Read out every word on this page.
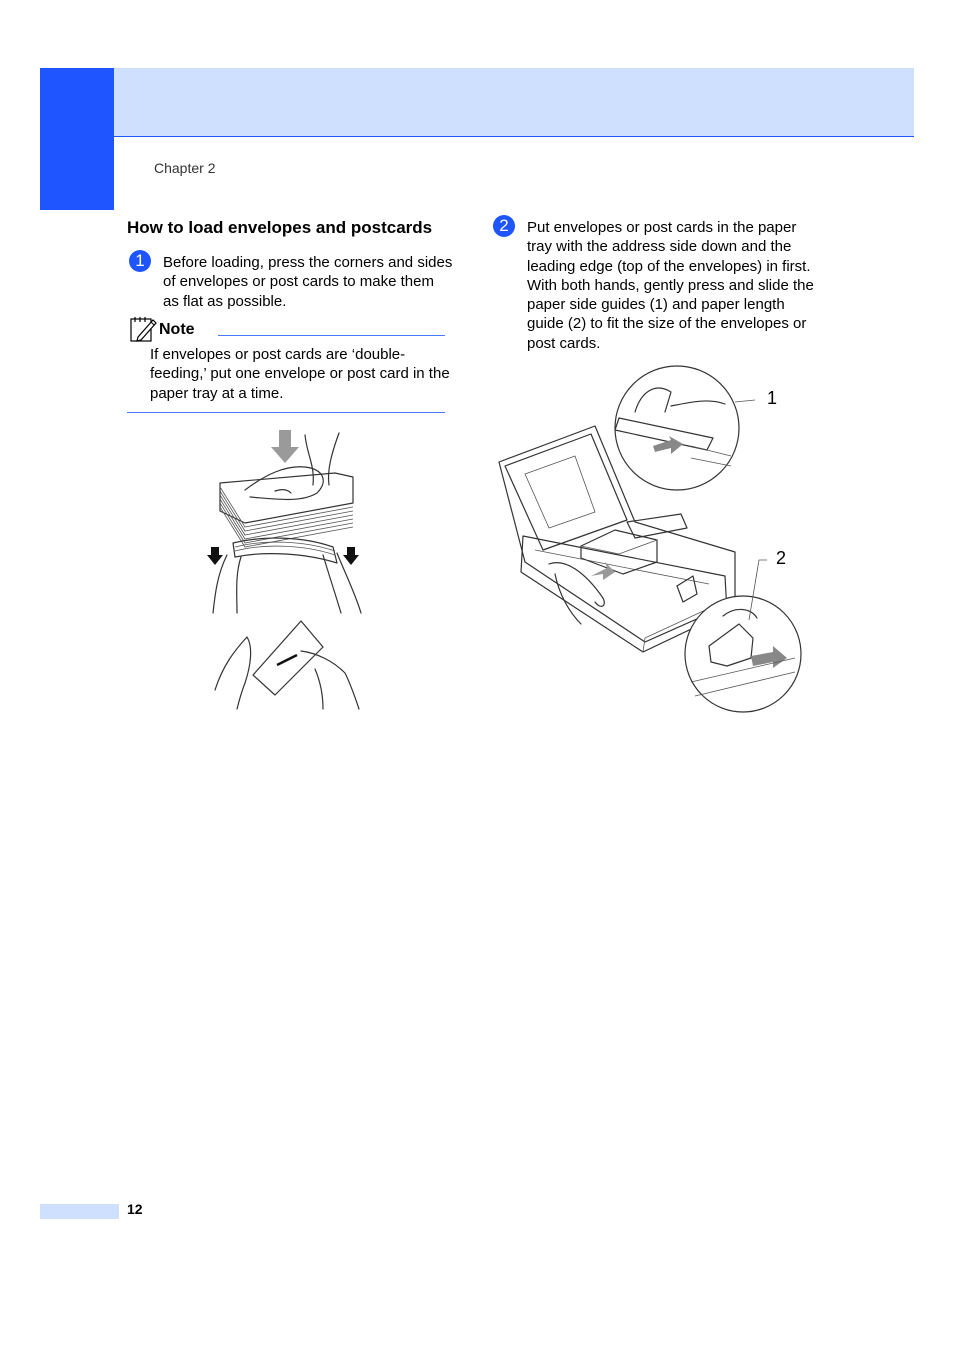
Chapter 2
How to load envelopes and postcards
1	Before loading, press the corners and sides of envelopes or post cards to make them as flat as possible.
Note
If envelopes or post cards are ‘double-feeding,’ put one envelope or post card in the paper tray at a time.
2	Put envelopes or post cards in the paper tray with the address side down and the leading edge (top of the envelopes) in first. With both hands, gently press and slide the paper side guides (1) and paper length guide (2) to fit the size of the envelopes or post cards.
1
2
12
